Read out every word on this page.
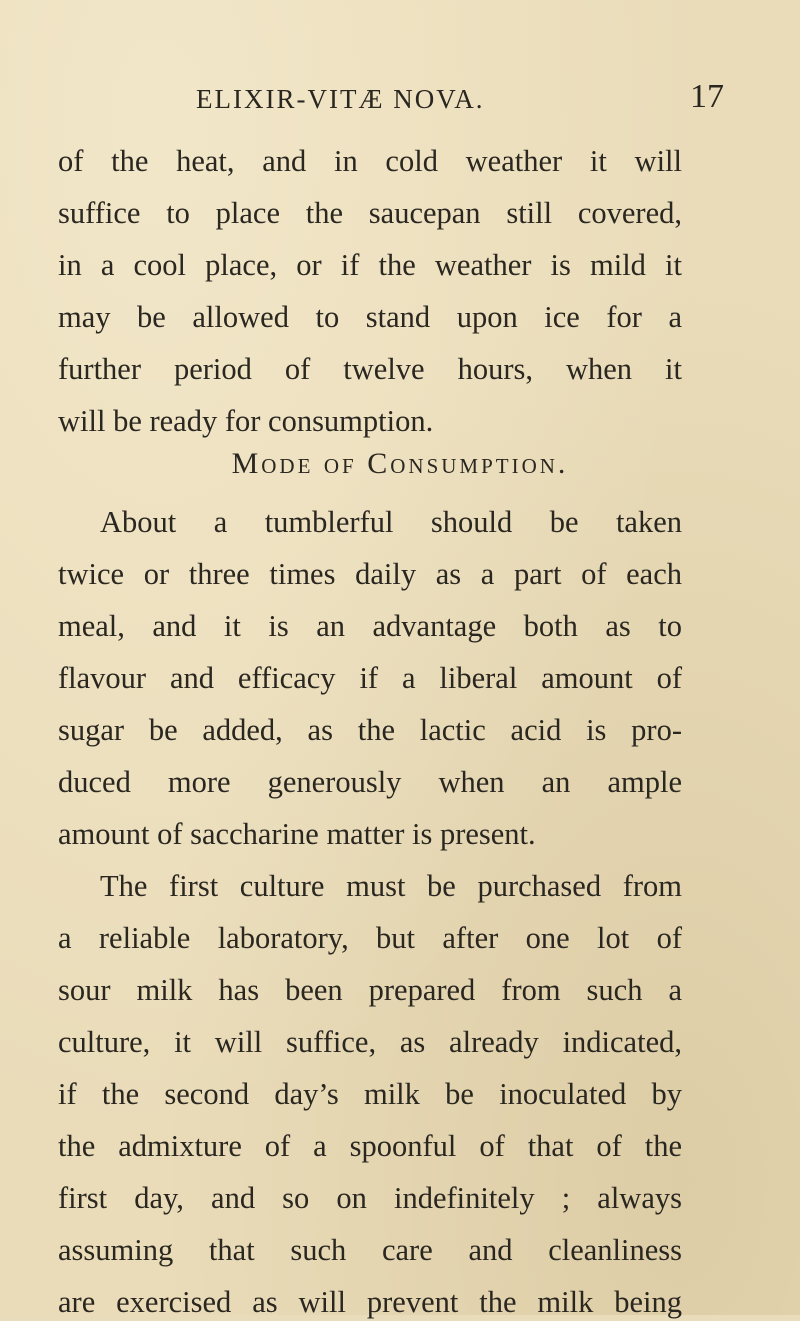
ELIXIR-VITÆ NOVA.	17
of the heat, and in cold weather it will
suffice to place the saucepan still covered,
in a cool place, or if the weather is mild it
may be allowed to stand upon ice for a
further period of twelve hours, when it
will be ready for consumption.
Mode of Consumption.
About a tumblerful should be taken
twice or three times daily as a part of each
meal, and it is an advantage both as to
flavour and efficacy if a liberal amount of
sugar be added, as the lactic acid is pro-
duced more generously when an ample
amount of saccharine matter is present.
The first culture must be purchased from
a reliable laboratory, but after one lot of
sour milk has been prepared from such a
culture, it will suffice, as already indicated,
if the second day’s milk be inoculated by
the admixture of a spoonful of that of the
first day, and so on indefinitely ; always
assuming that such care and cleanliness
are exercised as will prevent the milk being
